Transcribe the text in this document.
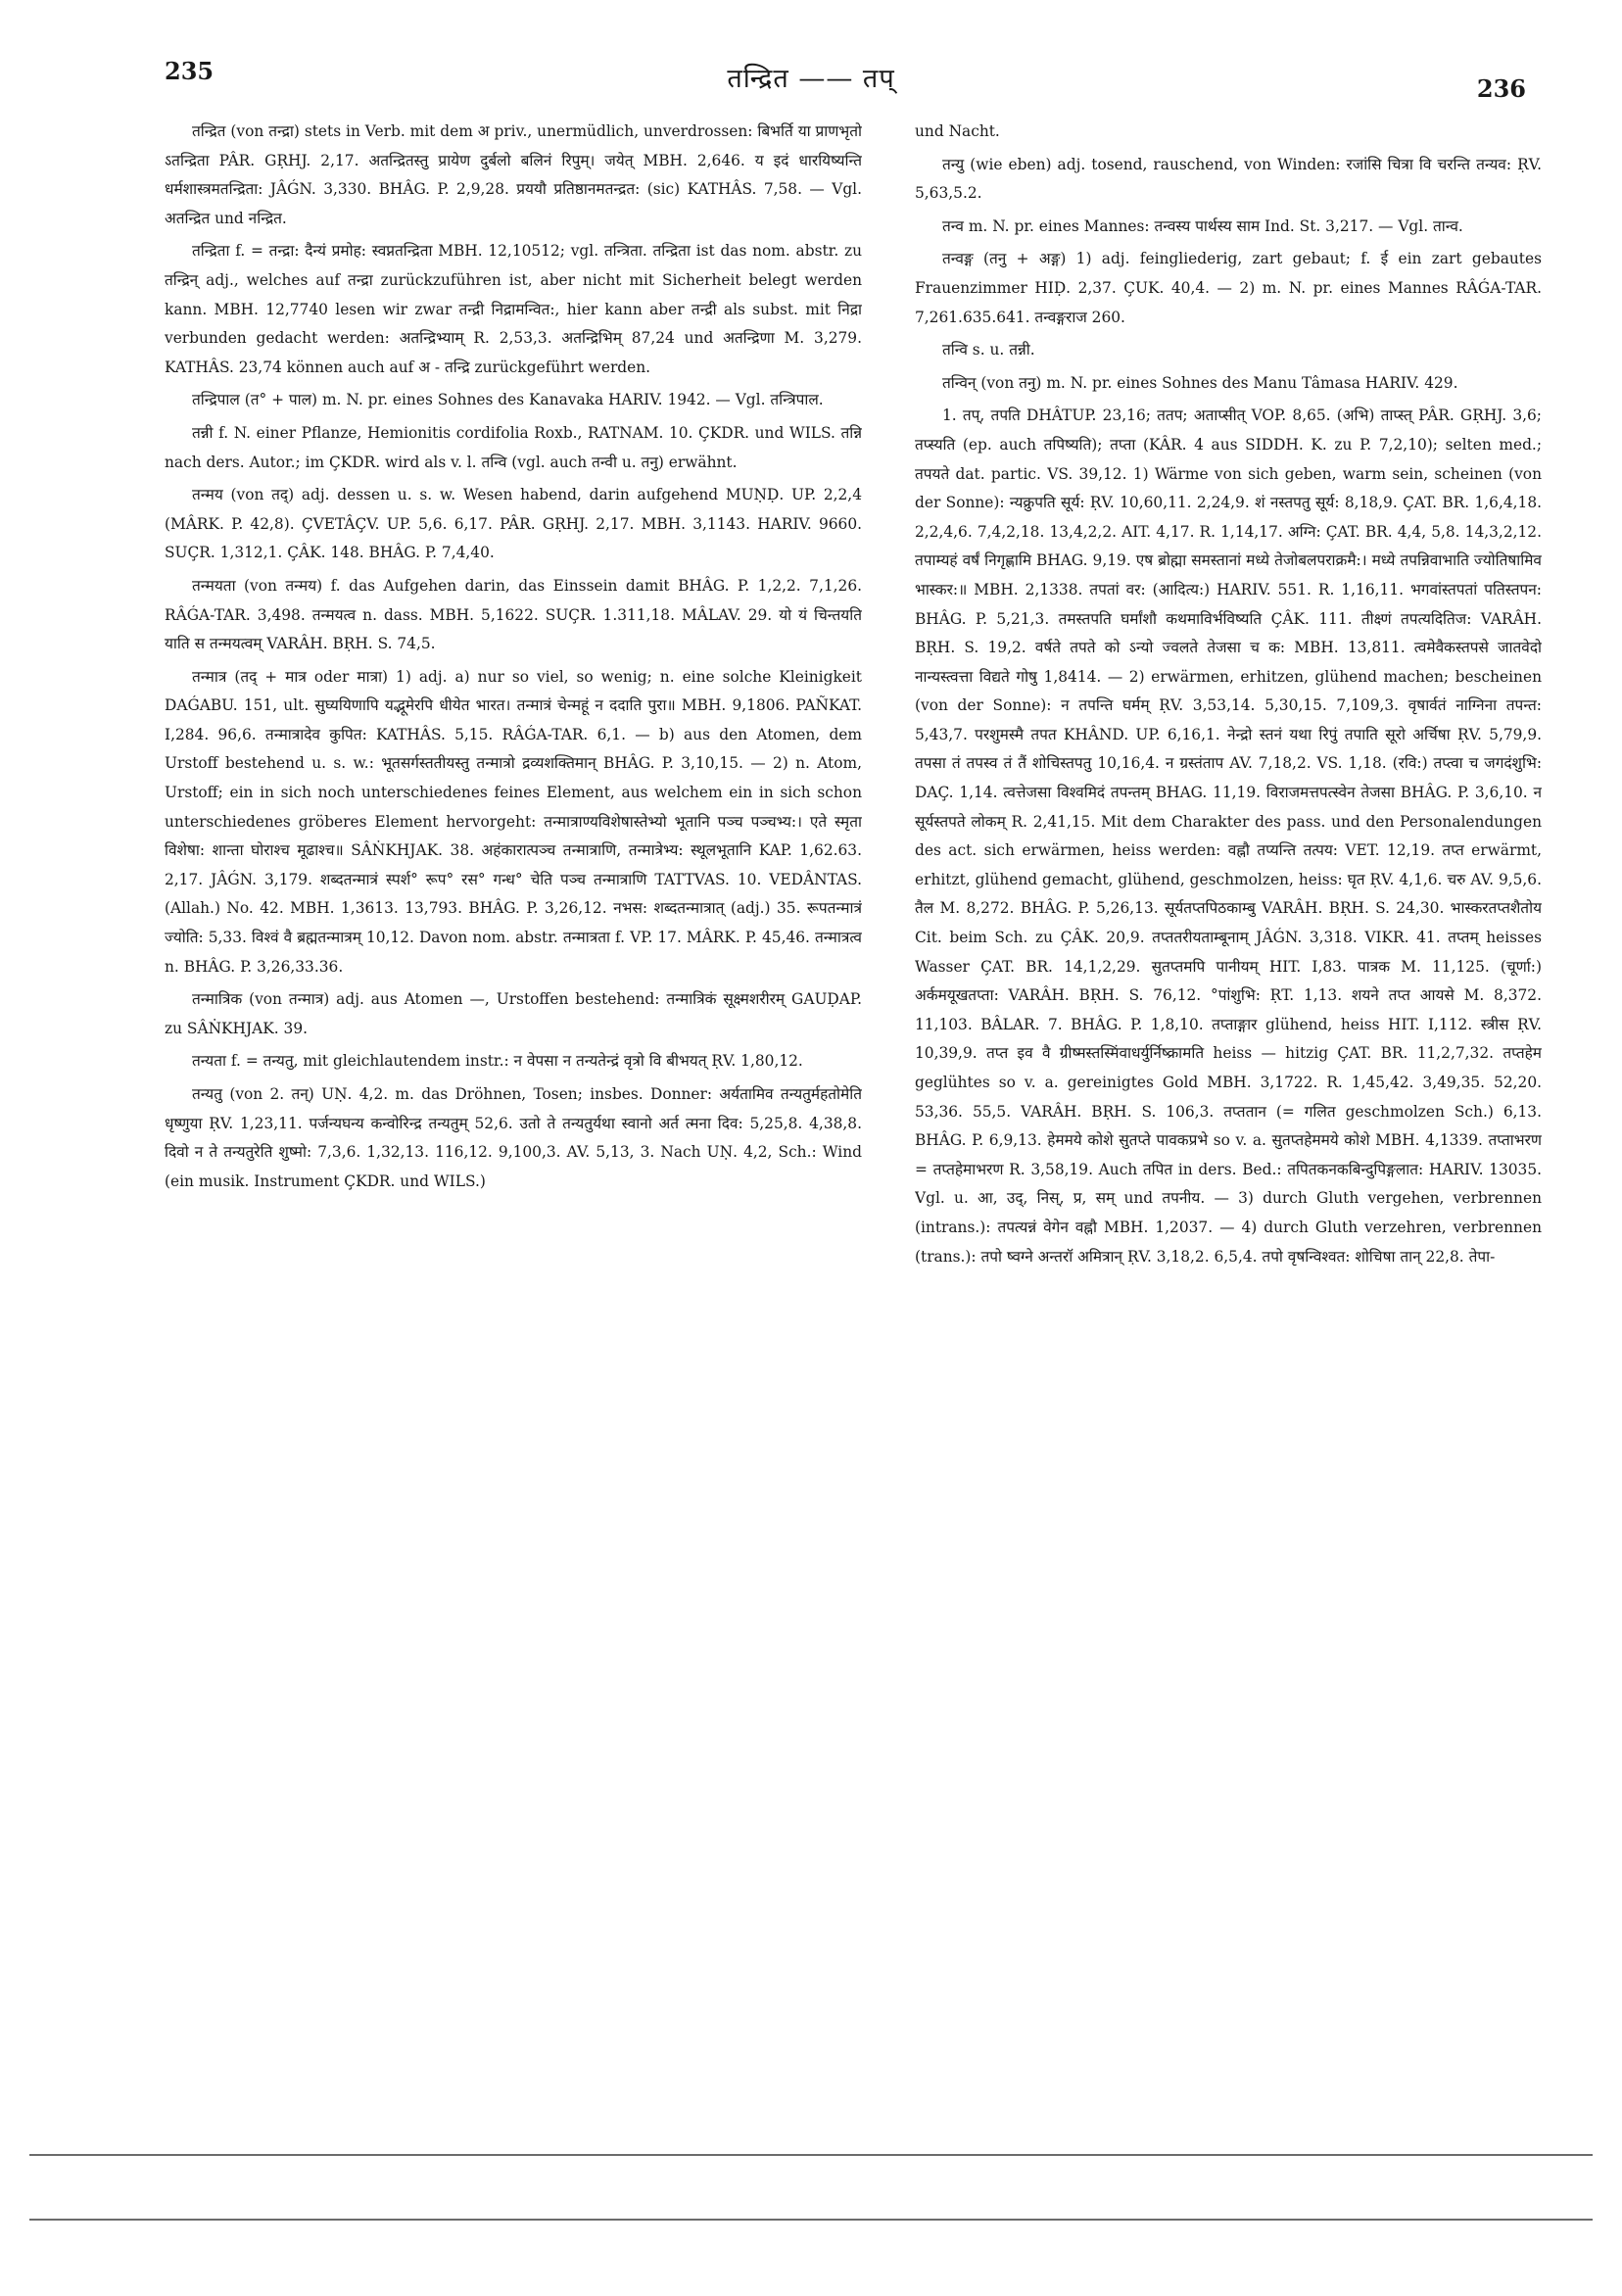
235	तन्द्रित —— तप्	236

तन्द्रित (von तन्द्रा) stets in Verb. mit dem अ priv., unermüdlich, unverdrossen: बिभर्ति या प्राणभृतो ऽतन्द्रिता PÂR. GṚHJ. 2,17. अतन्द्रितस्तु प्रायेण दुर्बलो बलिनं रिपुम्। जयेत् MBH. 2,646. य इदं धारयिष्यन्ति धर्मशास्त्रमतन्द्रिता: JÂǴN. 3,330. BHÂG. P. 2,9,28. प्रययौ प्रतिष्ठानमतन्द्रत: (sic) KATHÂS. 7,58. — Vgl. अतन्द्रित und नन्द्रित.

तन्द्रिता f. = तन्द्रा: दैन्यं प्रमोह: स्वप्नतन्द्रिता MBH. 12,10512; vgl. तन्त्रिता. तन्द्रिता ist das nom. abstr. zu तन्द्रिन् adj., welches auf तन्द्रा zurückzuführen ist, aber nicht mit Sicherheit belegt werden kann. MBH. 12,7740 lesen wir zwar तन्द्री निद्रामन्वित:, hier kann aber तन्द्री als subst. mit निद्रा verbunden gedacht werden: अतन्द्रिभ्याम् R. 2,53,3. अतन्द्रिभिम् 87,24 und अतन्द्रिणा M. 3,279. KATHÂS. 23,74 können auch auf अ - तन्द्रि zurückgeführt werden.

तन्द्रिपाल (त° + पाल) m. N. pr. eines Sohnes des Kanavaka HARIV. 1942. — Vgl. तन्त्रिपाल.

तन्नी f. N. einer Pflanze, Hemionitis cordifolia Roxb., RATNAM. 10. ÇKDR. und WILS. तन्नि nach ders. Autor.; im ÇKDR. wird als v. l. तन्वि (vgl. auch तन्वी u. तनु) erwähnt.

तन्मय (von तद्) adj. dessen u. s. w. Wesen habend, darin aufgehend MUṆḌ. UP. 2,2,4 (MÂRK. P. 42,8). ÇVETÂÇV. UP. 5,6. 6,17. PÂR. GṚHJ. 2,17. MBH. 3,1143. HARIV. 9660. SUÇR. 1,312,1. ÇÂK. 148. BHÂG. P. 7,4,40.

तन्मयता (von तन्मय) f. das Aufgehen darin, das Einssein damit BHÂG. P. 1,2,2. 7,1,26. RÂǴA-TAR. 3,498. तन्मयत्व n. dass. MBH. 5,1622. SUÇR. 1.311,18. MÂLAV. 29. यो यं चिन्तयति याति स तन्मयत्वम् VARÂH. BṚH. S. 74,5.

तन्मात्र (तद् + मात्र oder मात्रा) 1) adj. a) nur so viel, so wenig; n. eine solche Kleinigkeit DAǴABU. 151, ult. सुघ्ययिणापि यद्भूमेरपि धीयेत भारत। तन्मात्रं चेन्महूं न ददाति पुरा॥ MBH. 9,1806. PAÑKAT. I,284. 96,6. तन्मात्रादेव कुपित: KATHÂS. 5,15. RÂǴA-TAR. 6,1. — b) aus den Atomen, dem Urstoff bestehend u. s. w.: भूतसर्गस्ततीयस्तु तन्मात्रो द्रव्यशक्तिमान् BHÂG. P. 3,10,15. — 2) n. Atom, Urstoff; ein in sich noch unterschiedenes feines Element, aus welchem ein in sich schon unterschiedenes gröberes Element hervorgeht: तन्मात्राण्यविशेषास्तेभ्यो भूतानि पञ्च पञ्चभ्य:। एते स्मृता विशेषा: शान्ता घोराश्च मूढाश्च॥ SÂṄKHJAK. 38. अहंकारात्पञ्च तन्मात्राणि, तन्मात्रेभ्य: स्थूलभूतानि KAP. 1,62.63. 2,17. JÂǴN. 3,179. शब्दतन्मात्रं स्पर्श° रूप° रस° गन्ध° चेति पञ्च तन्मात्राणि TATTVAS. 10. VEDÂNTAS. (Allah.) No. 42. MBH. 1,3613. 13,793. BHÂG. P. 3,26,12. नभस: शब्दतन्मात्रात् (adj.) 35. रूपतन्मात्रं ज्योति: 5,33. विश्वं वै ब्रह्मतन्मात्रम् 10,12. Davon nom. abstr. तन्मात्रता f. VP. 17. MÂRK. P. 45,46. तन्मात्रत्व n. BHÂG. P. 3,26,33.36.

तन्मात्रिक (von तन्मात्र) adj. aus Atomen —, Urstoffen bestehend: तन्मात्रिकं सूक्ष्मशरीरम् GAUḌAP. zu SÂṄKHJAK. 39.

तन्यता f. = तन्यतु, mit gleichlautendem instr.: न वेपसा न तन्यतेन्द्रं वृत्रो वि बीभयत् ṚV. 1,80,12.

तन्यतु (von 2. तन्) UṆ. 4,2. m. das Dröhnen, Tosen; insbes. Donner: अर्यतामिव तन्यतुर्महतोमेति धृष्णुया ṚV. 1,23,11. पर्जन्यघन्य कन्वोरिन्द्र तन्यतुम् 52,6. उतो ते तन्यतुर्यथा स्वानो अर्त त्मना दिव: 5,25,8. 4,38,8. दिवो न ते तन्यतुरेति शुष्मो: 7,3,6. 1,32,13. 116,12. 9,100,3. AV. 5,13, 3. Nach UṆ. 4,2, Sch.: Wind (ein musik. Instrument ÇKDR. und WILS.)

und Nacht.

तन्यु (wie eben) adj. tosend, rauschend, von Winden: रजांसि चित्रा वि चरन्ति तन्यव: ṚV. 5,63,5.2.

तन्व m. N. pr. eines Mannes: तन्वस्य पार्थस्य साम Ind. St. 3,217. — Vgl. तान्व.

तन्वङ्ग (तनु + अङ्ग) 1) adj. feingliederig, zart gebaut; f. ई ein zart gebautes Frauenzimmer HIḌ. 2,37. ÇUK. 40,4. — 2) m. N. pr. eines Mannes RÂǴA-TAR. 7,261.635.641. तन्वङ्गराज 260.

तन्वि s. u. तन्नी.

तन्विन् (von तनु) m. N. pr. eines Sohnes des Manu Tâmasa HARIV. 429.

1. तप्, तपति DHÂTUP. 23,16; ततप; अताप्सीत् VOP. 8,65. (अभि) ताप्स्त् PÂR. GṚHJ. 3,6; तप्स्यति (ep. auch तपिष्यति); तप्ता (KÂR. 4 aus SIDDH. K. zu P. 7,2,10); selten med.; तपयते dat. partic. VS. 39,12. 1) Wärme von sich geben, warm sein, scheinen (von der Sonne): न्यक्रुपति सूर्य: ṚV. 10,60,11. 2,24,9. शं नस्तपतु सूर्य: 8,18,9. ÇAT. BR. 1,6,4,18. 2,2,4,6. 7,4,2,18. 13,4,2,2. AIT. 4,17. R. 1,14,17. अग्नि: ÇAT. BR. 4,4, 5,8. 14,3,2,12. तपाम्यहं वर्षं निगृह्णामि BHAG. 9,19. एष ब्रोह्मा समस्तानां मध्ये तेजोबलपराक्रमै:। मध्ये तपन्निवाभाति ज्योतिषामिव भास्कर:॥ MBH. 2,1338. तपतां वर: (आदित्य:) HARIV. 551. R. 1,16,11. भगवांस्तपतां पतिस्तपन: BHÂG. P. 5,21,3. तमस्तपति घर्मांशौ कथमाविर्भविष्यति ÇÂK. 111. तीक्ष्णं तपत्यदितिज: VARÂH. BṚH. S. 19,2. वर्षते तपते को ऽन्यो ज्वलते तेजसा च क: MBH. 13,811. त्वमेवैकस्तपसे जातवेदो नान्यस्त्वत्ता विद्यते गोषु 1,8414. — 2) erwärmen, erhitzen, glühend machen; bescheinen (von der Sonne): न तपन्ति घर्मम् ṚV. 3,53,14. 5,30,15. 7,109,3. वृषार्वतं नाग्निना तपन्त: 5,43,7. परशुमस्मै तपत KHÂND. UP. 6,16,1. नेन्द्रो स्तनं यथा रिपुं तपाति सूरो अर्चिषा ṚV. 5,79,9. तपसा तं तपस्व तं तैं शोचिस्तपतु 10,16,4. न ग्रस्तंताप AV. 7,18,2. VS. 1,18. (रवि:) तप्त्वा च जगदंशुभि: DAÇ. 1,14. त्वत्तेजसा विश्वमिदं तपन्तम् BHAG. 11,19. विराजमत्तपत्स्वेन तेजसा BHÂG. P. 3,6,10. न सूर्यस्तपते लोकम् R. 2,41,15. Mit dem Charakter des pass. und den Personalendungen des act. sich erwärmen, heiss werden: वह्नौ तप्यन्ति तत्पय: VET. 12,19. तप्त erwärmt, erhitzt, glühend gemacht, glühend, geschmolzen, heiss: घृत ṚV. 4,1,6. चरु AV. 9,5,6. तैल M. 8,272. BHÂG. P. 5,26,13. सूर्यतप्तपिठकाम्बु VARÂH. BṚH. S. 24,30. भास्करतप्तशैतोय Cit. beim Sch. zu ÇÂK. 20,9. तप्ततरीयताम्बूनाम् JÂǴN. 3,318. VIKR. 41. तप्तम् heisses Wasser ÇAT. BR. 14,1,2,29. सुतप्तमपि पानीयम् HIT. I,83. पात्रक M. 11,125. (चूर्णा:) अर्कमयूखतप्ता: VARÂH. BṚH. S. 76,12. °पांशुभि: ṚT. 1,13. शयने तप्त आयसे M. 8,372. 11,103. BÂLAR. 7. BHÂG. P. 1,8,10. तप्ताङ्गार glühend, heiss HIT. I,112. स्त्रीस ṚV. 10,39,9. तप्त इव वै ग्रीष्मस्तस्मिंवाधर्युर्निष्क्रामति heiss — hitzig ÇAT. BR. 11,2,7,32. तप्तहेम geglühtes so v. a. gereinigtes Gold MBH. 3,1722. R. 1,45,42. 3,49,35. 52,20. 53,36. 55,5. VARÂH. BṚH. S. 106,3. तप्ततान (= गलित geschmolzen Sch.) 6,13. BHÂG. P. 6,9,13. हेममये कोशे सुतप्ते पावकप्रभे so v. a. सुतप्तहेममये कोशे MBH. 4,1339. तप्ताभरण = तप्तहेमाभरण R. 3,58,19. Auch तपित in ders. Bed.: तपितकनकबिन्दुपिङ्गलात: HARIV. 13035. Vgl. u. आ, उद्, निस्, प्र, सम् und तपनीय. — 3) durch Gluth vergehen, verbrennen (intrans.): तपत्यन्नं वेगेन वह्नौ MBH. 1,2037. — 4) durch Gluth verzehren, verbrennen (trans.): तपो ष्वग्ने अन्तरॉ अमित्रान् ṚV. 3,18,2. 6,5,4. तपो वृषन्विश्वत: शोचिषा तान् 22,8. तेपा-
